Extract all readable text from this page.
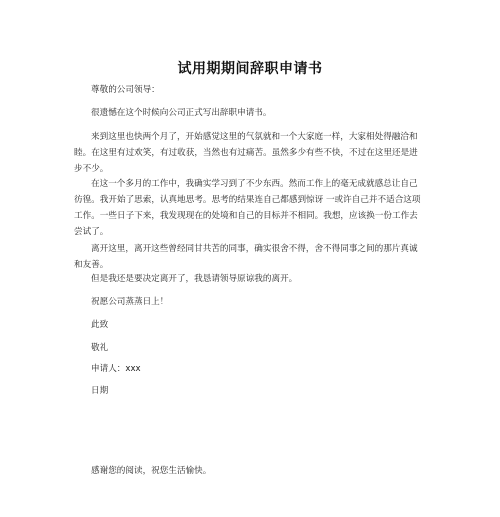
试用期期间辞职申请书
尊敬的公司领导：
很遗憾在这个时候向公司正式写出辞职申请书。
来到这里也快两个月了，开始感觉这里的气氛就和一个大家庭一样，大家相处得融洽和睦。在这里有过欢笑，有过收获，当然也有过痛苦。虽然多少有些不快，不过在这里还是进步不少。
在这一个多月的工作中，我确实学习到了不少东西。然而工作上的毫无成就感总让自己彷徨。我开始了思索，认真地思考。思考的结果连自己都感到惊讶 一或许自己并不适合这项工作。一些日子下来，我发现现在的处境和自己的目标并不相同。我想，应该换一份工作去尝试了。
离开这里，离开这些曾经同甘共苦的同事，确实很舍不得，舍不得同事之间的那片真诚和友善。
但是我还是要决定离开了，我恳请领导原谅我的离开。
祝愿公司蒸蒸日上！
此致
敬礼
申请人：xxx
日期
感谢您的阅读，祝您生活愉快。
